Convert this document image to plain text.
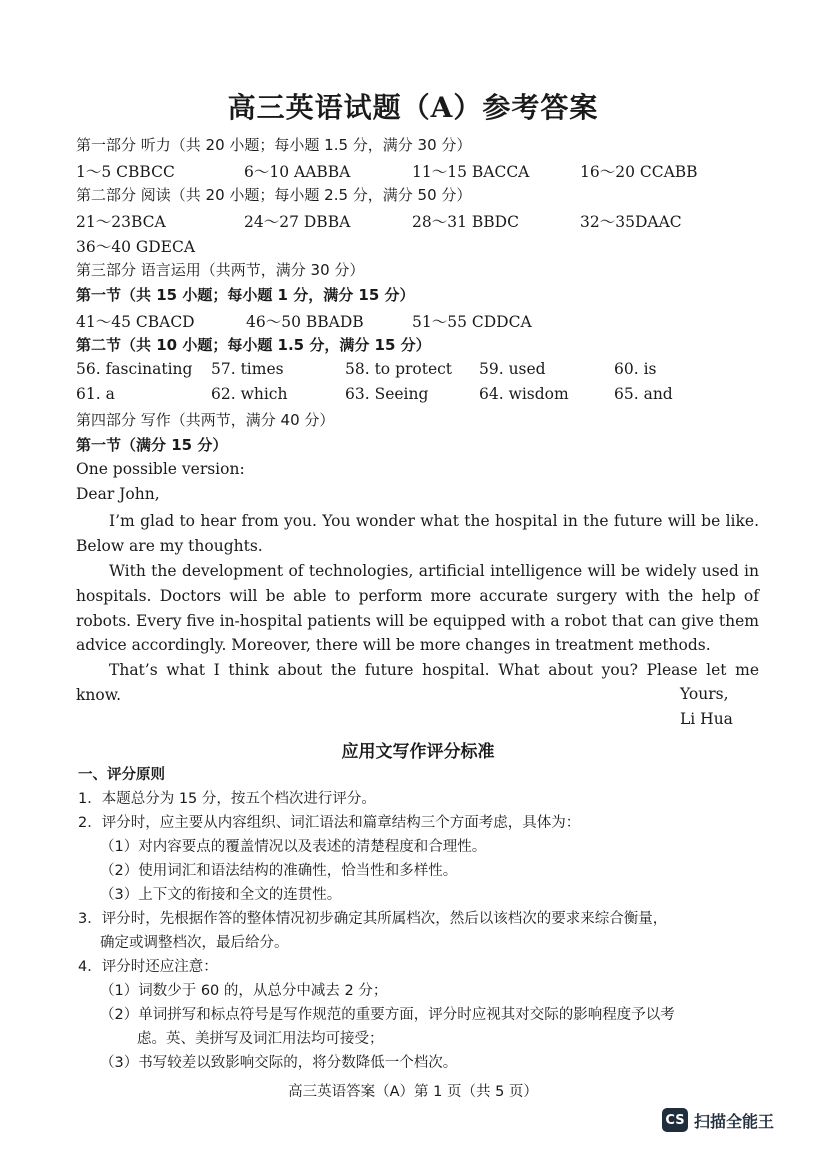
高三英语试题（A）参考答案
第一部分 听力（共 20 小题；每小题 1.5 分，满分 30 分）
1～5 CBBCC	6～10 AABBA	11～15 BACCA	16～20 CCABB
第二部分 阅读（共 20 小题；每小题 2.5 分，满分 50 分）
21～23BCA	24～27 DBBA	28～31 BBDC	32～35DAAC
36～40 GDECA
第三部分 语言运用（共两节，满分 30 分）
第一节（共 15 小题；每小题 1 分，满分 15 分）
41～45 CBACD	46～50 BBADB	51～55 CDDCA
第二节（共 10 小题；每小题 1.5 分，满分 15 分）
56. fascinating 57. times	58. to protect 59. used	60. is
61. a	62. which	63. Seeing	64. wisdom	65. and
第四部分 写作（共两节，满分 40 分）
第一节（满分 15 分）
One possible version:
Dear John,
I’m glad to hear from you. You wonder what the hospital in the future will be like. Below are my thoughts.
With the development of technologies, artificial intelligence will be widely used in hospitals. Doctors will be able to perform more accurate surgery with the help of robots. Every five in-hospital patients will be equipped with a robot that can give them advice accordingly. Moreover, there will be more changes in treatment methods.
That’s what I think about the future hospital. What about you? Please let me know.	Yours,
Li Hua
应用文写作评分标准
一、评分原则
1．本题总分为 15 分，按五个档次进行评分。
2．评分时，应主要从内容组织、词汇语法和篇章结构三个方面考虑，具体为：
（1）对内容要点的覆盖情况以及表述的清楚程度和合理性。
（2）使用词汇和语法结构的准确性，恰当性和多样性。
（3）上下文的衔接和全文的连贯性。
3．评分时，先根据作答的整体情况初步确定其所属档次，然后以该档次的要求来综合衡量，
确定或调整档次，最后给分。
4．评分时还应注意：
（1）词数少于 60 的，从总分中减去 2 分；
（2）单词拼写和标点符号是写作规范的重要方面，评分时应视其对交际的影响程度予以考
虑。英、美拼写及词汇用法均可接受；
（3）书写较差以致影响交际的，将分数降低一个档次。
高三英语答案（A）第 1 页（共 5 页）
CS 扫描全能王
